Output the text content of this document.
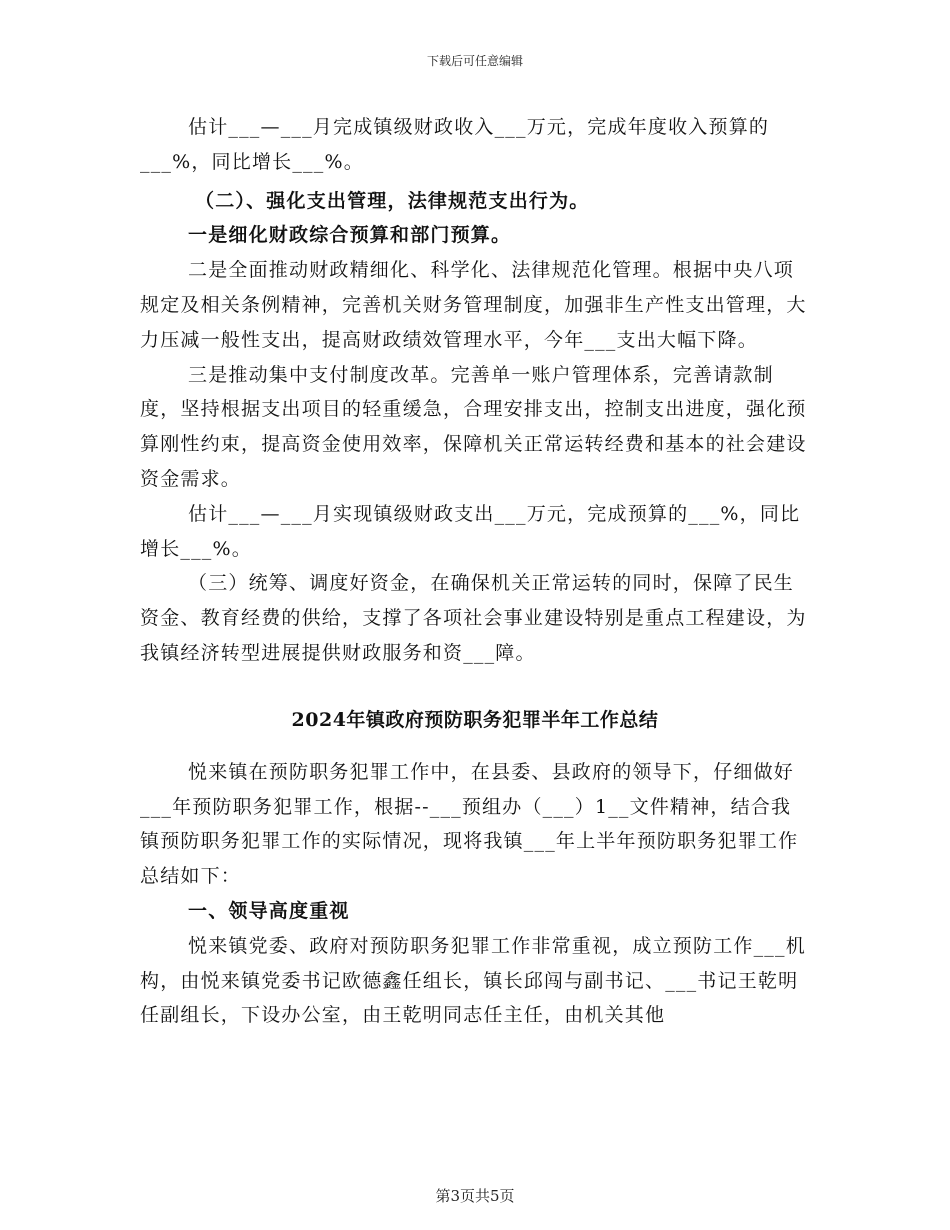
下载后可任意编辑

估计___—___月完成镇级财政收入___万元，完成年度收入预算的___%，同比增长___%。

（二）、强化支出管理，法律规范支出行为。

一是细化财政综合预算和部门预算。

二是全面推动财政精细化、科学化、法律规范化管理。根据中央八项规定及相关条例精神，完善机关财务管理制度，加强非生产性支出管理，大力压减一般性支出，提高财政绩效管理水平，今年___支出大幅下降。

三是推动集中支付制度改革。完善单一账户管理体系，完善请款制度，坚持根据支出项目的轻重缓急，合理安排支出，控制支出进度，强化预算刚性约束，提高资金使用效率，保障机关正常运转经费和基本的社会建设资金需求。

估计___—___月实现镇级财政支出___万元，完成预算的___%，同比增长___%。

（三）统筹、调度好资金，在确保机关正常运转的同时，保障了民生资金、教育经费的供给，支撑了各项社会事业建设特别是重点工程建设，为我镇经济转型进展提供财政服务和资___障。

2024年镇政府预防职务犯罪半年工作总结

悦来镇在预防职务犯罪工作中，在县委、县政府的领导下，仔细做好___年预防职务犯罪工作，根据--___预组办（___）1__文件精神，结合我镇预防职务犯罪工作的实际情况，现将我镇___年上半年预防职务犯罪工作总结如下：

一、领导高度重视

悦来镇党委、政府对预防职务犯罪工作非常重视，成立预防工作___机构，由悦来镇党委书记欧德鑫任组长，镇长邱闯与副书记、___书记王乾明任副组长，下设办公室，由王乾明同志任主任，由机关其他

第3页共5页
